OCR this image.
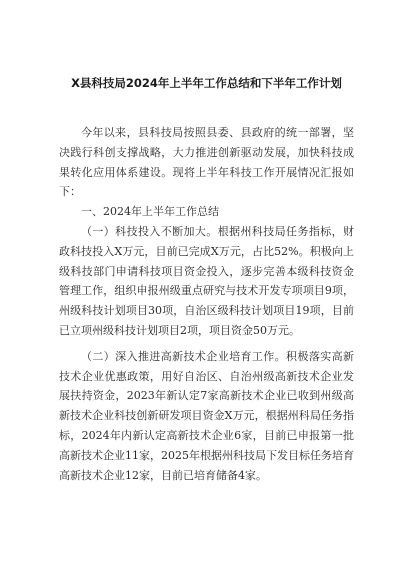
X县科技局2024年上半年工作总结和下半年工作计划

今年以来，县科技局按照县委、县政府的统一部署，坚决践行科创支撑战略，大力推进创新驱动发展，加快科技成果转化应用体系建设。现将上半年科技工作开展情况汇报如下：

一、2024年上半年工作总结

（一）科技投入不断加大。根据州科技局任务指标，财政科技投入X万元，目前已完成X万元，占比52%。积极向上级科技部门申请科技项目资金投入，逐步完善本级科技资金管理工作，组织申报州级重点研究与技术开发专项项目9项，州级科技计划项目30项，自治区级科技计划项目19项，目前已立项州级科技计划项目2项，项目资金50万元。

（二）深入推进高新技术企业培育工作。积极落实高新技术企业优惠政策，用好自治区、自治州级高新技术企业发展扶持资金，2023年新认定7家高新技术企业已收到州级高新技术企业科技创新研发项目资金X万元，根据州科局任务指标，2024年内新认定高新技术企业6家，目前已申报第一批高新技术企业11家，2025年根据州科技局下发目标任务培育高新技术企业12家，目前已培育储备4家。
